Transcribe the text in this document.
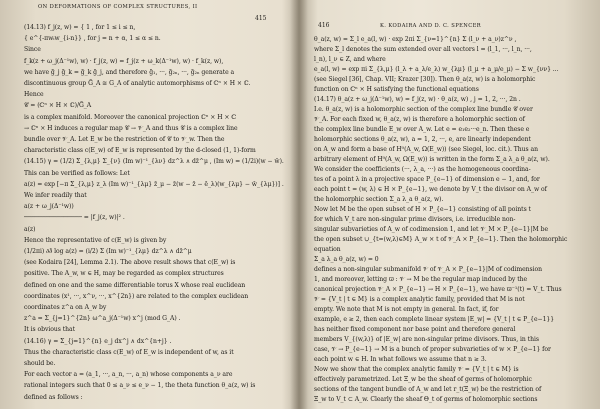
ON DEFORMATIONS OF COMPLEX STRUCTURES, II
415
(14.13) f_j(z, w) = { 1 , for 1 ≤ i ≤ n,
{ e^{-πwᵢw_{i-n}} , for j = n + α, 1 ≤ α ≤ n.
Since
f_k(z + ω_j(Δ⁻¹w), w) · f_j(z, w) = f_j(z + ω_k(Δ⁻¹w), w) · f_k(z, w),
we have g̃_j g̃_k = g̃_k g̃_j, and therefore g̃₁, ···, g̃₂ₙ, ···, g̃₂ₙ generate a
discontinuous group G̃_A ≅ G_A of analytic automorphisms of ℂⁿ × H × ℂ.
Hence
𝒞 = (ℂⁿ × H × ℂ)/G̃_A
is a complex manifold. Moreover the canonical projection ℂⁿ × H × ℂ
→ ℂⁿ × H induces a regular map 𝒞 → 𝒱_A and thus 𝒞 is a complex line
bundle over 𝒱_A. Let E_w be the restriction of 𝒞 to 𝒱_w. Then the
characteristic class c(E_w) of E_w is represented by the d-closed (1, 1)-form
(14.15) γ = (1/2) Σ_{λ,μ} Σ_{ν} (Im w)⁻¹_{λν} dz^λ ∧ dz̄^μ , (Im w) = (1/2i)(w − w̄).
This can be verified as follows: Let
a(z) = exp [−π Σ_{λ,μ} z_λ (Im w)⁻¹_{λμ} z̄_μ − z̄(w − z̄ − ē_λ)(w_{λμ} − w̄_{λμ})] .
We infer readily that
a(z + ω_j(Δ⁻¹w))
──────────────── = |f_j(z, w)|² .
a(z)
Hence the representative of c(E_w) is given by
(1/2πi) ∂∂̄ log a(z) = (i/2) Σ (Im w)⁻¹_{λμ} dz^λ ∧ dz̄^μ
(see Kodaira [24], Lemma 2.1). The above result shows that c(E_w) is
positive. The A_w, w ∈ H, may be regarded as complex structures
defined on one and the same differentiable torus X whose real euclidean
coordinates (x¹, ···, x^ν, ···, x^{2n}) are related to the complex euclidean
coordinates z^a on A_w by
z^a = Σ_{j=1}^{2n} ω^a_j(Δ⁻¹w) x^j (mod G_A) .
It is obvious that
(14.16) γ = Σ_{j=1}^{n} e_j dx^j ∧ dx^{n+j} .
Thus the characteristic class c(E_w) of E_w is independent of w, as it
should be.
For each vector a = (a_1, ···, a_n, ···, a_n) whose components a_ν are
rational integers such that 0 ≤ a_ν ≤ e_ν − 1, the theta function θ_a(z, w) is
defined as follows :
416	K. KODAIRA AND D. C. SPENCER
θ_a(z, w) = Σ_l e_a(l, w) · exp 2πi Σ_{ν=1}^{n} Σ (l_ν + a_ν)z^ν ,
where Σ_l denotes the sum extended over all vectors l = (l_1, ···, l_n, ···,
l_n), l_ν ∈ Z, and where
e_a(l, w) = exp πi Σ_{λ,μ} (l_λ + a_λ/e_λ) w_{λμ} (l_μ + a_μ/e_μ) − Σ w_{νν} ...
(see Siegel [36], Chap. VII; Krazer [30]). Then θ_a(z, w) is a holomorphic
function on ℂⁿ × H satisfying the functional equations
(14.17) θ_a(z + ω_j(Δ⁻¹w), w) = f_j(z, w) · θ_a(z, w) , j = 1, 2, ···, 2n .
I.e. θ_a(z, w) is a holomorphic section of the complex line bundle 𝒞 over
𝒱_A. For each fixed w, θ_a(z, w) is therefore a holomorphic section of
the complex line bundle E_w over A_w. Let e = e₁e₂···e_n. Then these e
holomorphic sections θ_a(z, w), a = 1, 2, ···, e, are linearly independent
on A_w and form a base of H⁰(A_w, Ω(E_w)) (see Siegel, loc. cit.). Thus an
arbitrary element of H⁰(A_w, Ω(E_w)) is written in the form Σ_a λ_a θ_a(z, w).
We consider the coefficients (···, λ_a, ···) as the homogeneous coordina-
tes of a point λ in a projective space P_{e−1} of dimension e − 1, and, for
each point t = (w, λ) ∈ H × P_{e−1}, we denote by V_t the divisor on A_w of
the holomorphic section Σ_a λ_a θ_a(z, w).
Now let M be the open subset of H × P_{e−1} consisting of all points t
for which V_t are non-singular prime divisors, i.e. irreducible non-
singular subvarieties of A_w of codimension 1, and let 𝒱_M × P_{e−1}|M be
the open subset ∪_{t=(w,λ)∈M} A_w × t of 𝒱_A × P_{e−1}. Then the holomorphic
equation
Σ_a λ_a θ_a(z, w) = 0
defines a non-singular submanifold 𝒱 of 𝒱_A × P_{e−1}|M of codimension
1, and moreover, letting ϖ : 𝒱 → M be the regular map induced by the
canonical projection 𝒱_A × P_{e−1} → H × P_{e−1}, we have ϖ⁻¹(t) = V_t. Thus
𝒱 = {V_t | t ∈ M} is a complex analytic family, provided that M is not
empty. We note that M is not empty in general. In fact, if, for
example, e ≥ 2, then each complete linear system |E_w| = {V_t | t ∈ P_{e−1}}
has neither fixed component nor base point and therefore general
members V_{(w,λ)} of |E_w| are non-singular prime divisors. Thus, in this
case, 𝒱 → P_{e−1} → M is a bunch of proper subvarieties of w × P_{e−1} for
each point w ∈ H. In what follows we assume that n ≥ 3.
Now we show that the complex analytic family 𝒱 = {V_t | t ∈ M} is
effectively parametrized. Let Ξ_w be the sheaf of germs of holomorphic
sections of the tangent bundle of A_w and let r_t(Ξ_w) be the restriction of
Ξ_w to V_t ⊂ A_w. Clearly the sheaf Θ_t of germs of holomorphic sections
